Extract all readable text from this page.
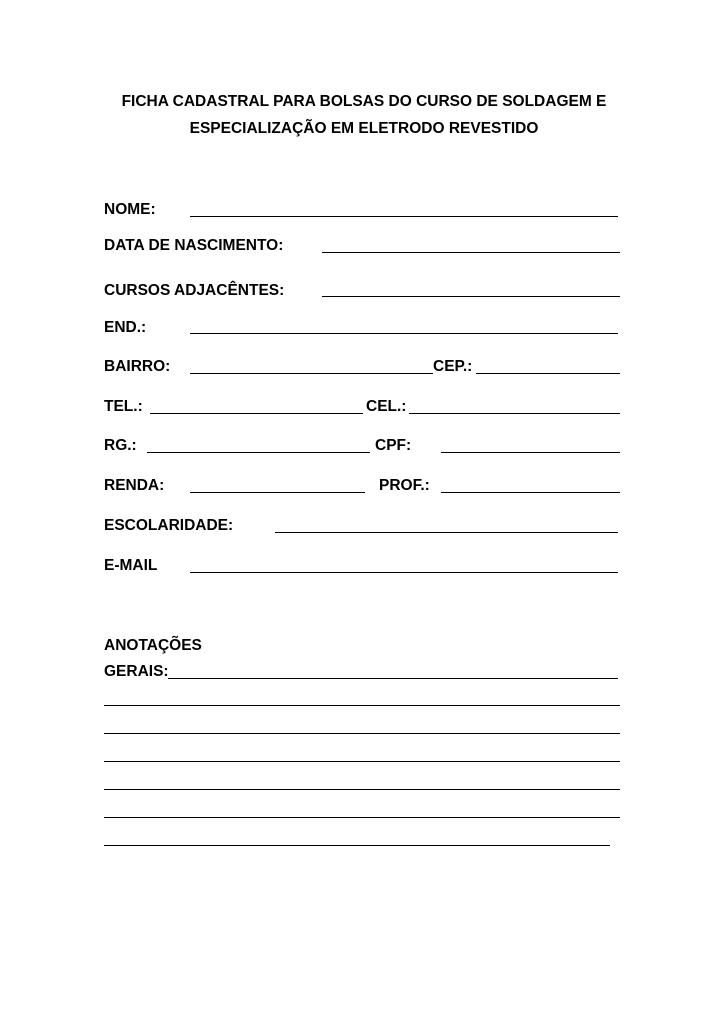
FICHA CADASTRAL PARA BOLSAS DO CURSO DE SOLDAGEM E
ESPECIALIZAÇÃO EM ELETRODO REVESTIDO
NOME:
DATA DE NASCIMENTO:
CURSOS ADJACÊNTES:
END.:
BAIRRO:	CEP.:
TEL.:	CEL.:
RG.:	CPF:
RENDA:	PROF.:
ESCOLARIDADE:
E-MAIL
ANOTAÇÕES
GERAIS:
